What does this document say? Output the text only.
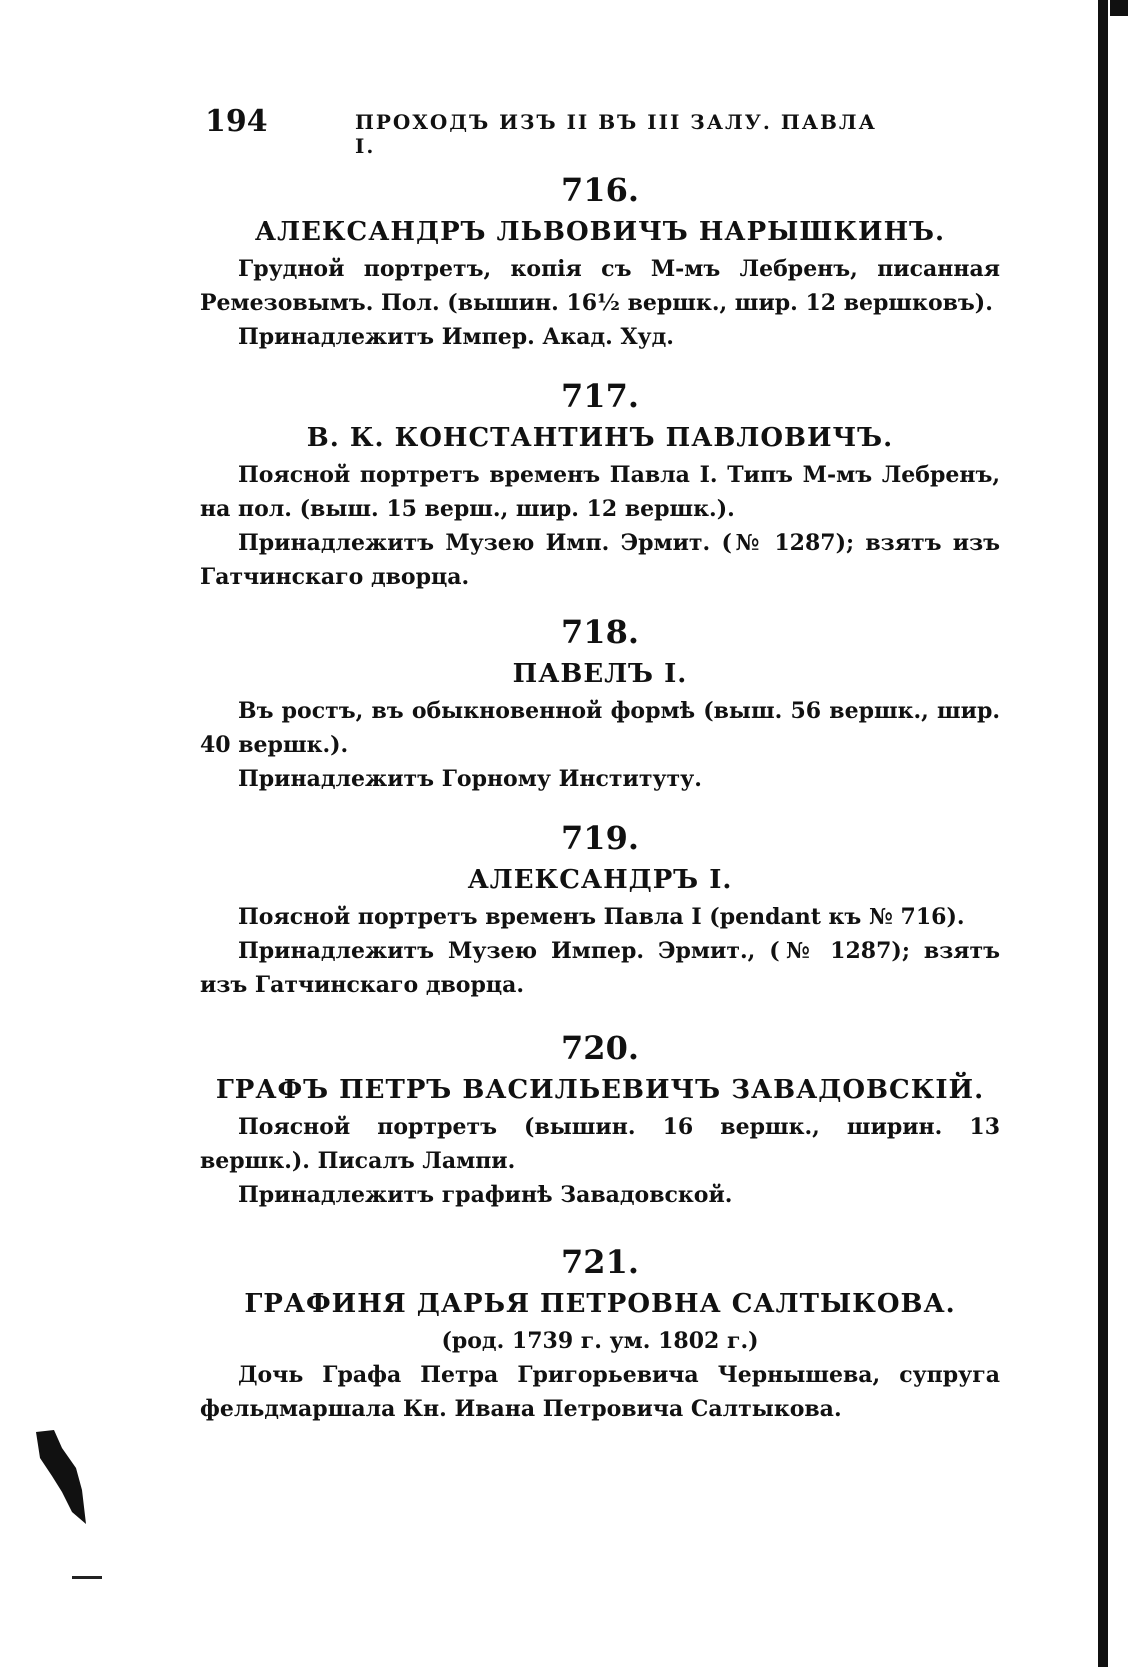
194	ПРОХОДЪ ИЗЪ II ВЪ III ЗАЛУ. ПАВЛА I.
716.
АЛЕКСАНДРЪ ЛЬВОВИЧЪ НАРЫШКИНЪ.

Грудной портретъ, копія съ М-мъ Лебренъ, писанная Ремезовымъ. Пол. (вышин. 16½ вершк., шир. 12 вершковъ).

Принадлежитъ Импер. Акад. Худ.

717.
В. К. КОНСТАНТИНЪ ПАВЛОВИЧЪ.

Поясной портретъ временъ Павла I. Типъ М-мъ Лебренъ, на пол. (выш. 15 верш., шир. 12 вершк.).

Принадлежитъ Музею Имп. Эрмит. (№ 1287); взятъ изъ Гатчинскаго дворца.

718.
ПАВЕЛЪ I.

Въ ростъ, въ обыкновенной формѣ (выш. 56 вершк., шир. 40 вершк.).

Принадлежитъ Горному Институту.

719.
АЛЕКСАНДРЪ I.

Поясной портретъ временъ Павла I (pendant къ № 716).

Принадлежитъ Музею Импер. Эрмит., (№ 1287); взятъ изъ Гатчинскаго дворца.

720.
ГРАФЪ ПЕТРЪ ВАСИЛЬЕВИЧЪ ЗАВАДОВСКІЙ.

Поясной портретъ (вышин. 16 вершк., ширин. 13 вершк.). Писалъ Лампи.

Принадлежитъ графинѣ Завадовской.

721.
ГРАФИНЯ ДАРЬЯ ПЕТРОВНА САЛТЫКОВА.
(род. 1739 г. ум. 1802 г.)

Дочь Графа Петра Григорьевича Чернышева, супруга фельдмаршала Кн. Ивана Петровича Салтыкова.
